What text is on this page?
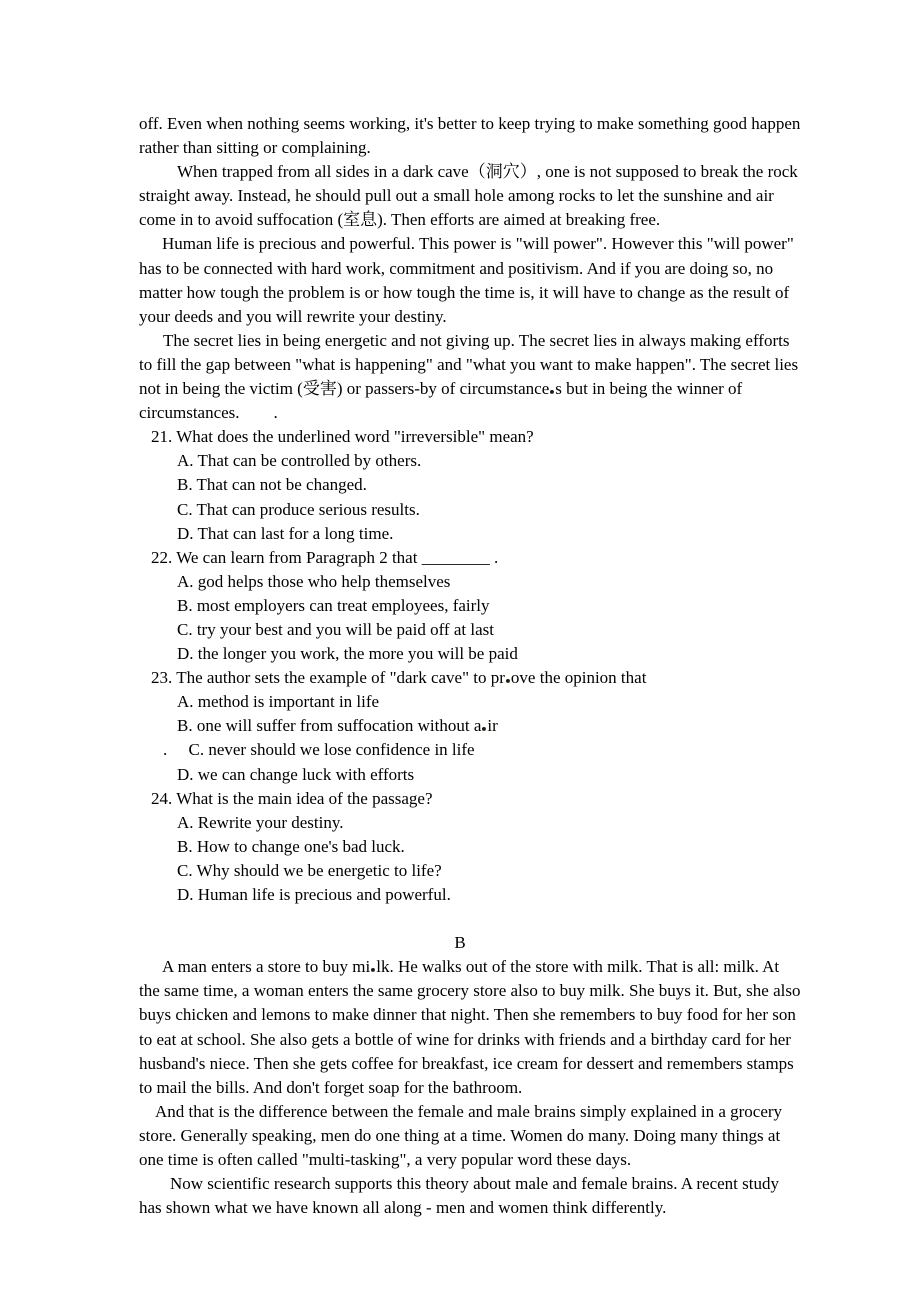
off. Even when nothing seems working, it's better to keep trying to make something good happen
rather than sitting or complaining.
When trapped from all sides in a dark cave（洞穴）, one is not supposed to break the rock
straight away. Instead, he should pull out a small hole among rocks to let the sunshine and air
come in to avoid suffocation (室息). Then efforts are aimed at breaking free.
Human life is precious and powerful. This power is "will power". However this "will power"
has to be connected with hard work, commitment and positivism. And if you are doing so, no
matter how tough the problem is or how tough the time is, it will have to change as the result of
your deeds and you will rewrite your destiny.
The secret lies in being energetic and not giving up. The secret lies in always making efforts
to fill the gap between "what is happening" and "what you want to make happen". The secret lies
not in being the victim (受害) or passers-by of circumstance s but in being the winner of
circumstances.        .
21. What does the underlined word "irreversible" mean?
A. That can be controlled by others.
B. That can not be changed.
C. That can produce serious results.
D. That can last for a long time.
22. We can learn from Paragraph 2 that ________ .
A. god helps those who help themselves
B. most employers can treat employees, fairly
C. try your best and you will be paid off at last
D. the longer you work, the more you will be paid
23. The author sets the example of "dark cave" to pr ove the opinion that
A. method is important in life
B. one will suffer from suffocation without a ir
.     C. never should we lose confidence in life
D. we can change luck with efforts
24. What is the main idea of the passage?
A. Rewrite your destiny.
B. How to change one's bad luck.
C. Why should we be energetic to life?
D. Human life is precious and powerful.

B
A man enters a store to buy mi lk. He walks out of the store with milk. That is all: milk. At
the same time, a woman enters the same grocery store also to buy milk. She buys it. But, she also
buys chicken and lemons to make dinner that night. Then she remembers to buy food for her son
to eat at school. She also gets a bottle of wine for drinks with friends and a birthday card for her
husband's niece. Then she gets coffee for breakfast, ice cream for dessert and remembers stamps
to mail the bills. And don't forget soap for the bathroom.
And that is the difference between the female and male brains simply explained in a grocery
store. Generally speaking, men do one thing at a time. Women do many. Doing many things at
one time is often called "multi-tasking", a very popular word these days.
Now scientific research supports this theory about male and female brains. A recent study
has shown what we have known all along - men and women think differently.
